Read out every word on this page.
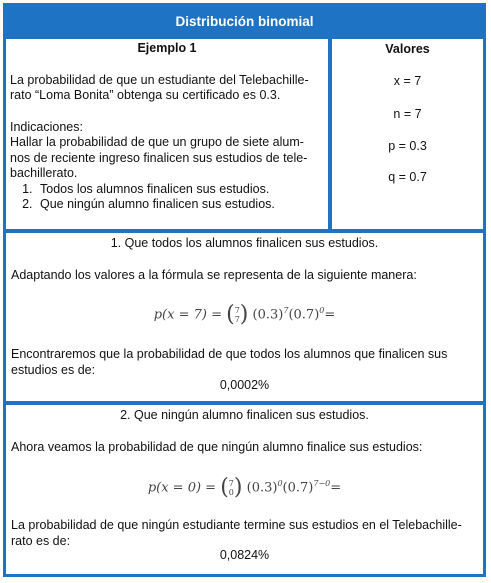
Distribución binomial
Ejemplo 1
La probabilidad de que un estudiante del Telebachille-
rato “Loma Bonita” obtenga su certificado es 0.3.
Indicaciones:
Hallar la probabilidad de que un grupo de siete alum-
nos de reciente ingreso finalicen sus estudios de tele-
bachillerato.
1. Todos los alumnos finalicen sus estudios.
2. Que ningún alumno finalicen sus estudios.
Valores
x = 7
n = 7
p = 0.3
q = 0.7
1. Que todos los alumnos finalicen sus estudios.
Adaptando los valores a la fórmula se representa de la siguiente manera:
p(x = 7) = (7
7) $(0.3)^7(0.7)^0=$
Encontraremos que la probabilidad de que todos los alumnos que finalicen sus
estudios es de:
0,0002%
2. Que ningún alumno finalicen sus estudios.
Ahora veamos la probabilidad de que ningún alumno finalice sus estudios:
p(x = 0) = (7
0) $(0.3)^0(0.7)^{7-0}=$
La probabilidad de que ningún estudiante termine sus estudios en el Telebachille-
rato es de:
0,0824%
